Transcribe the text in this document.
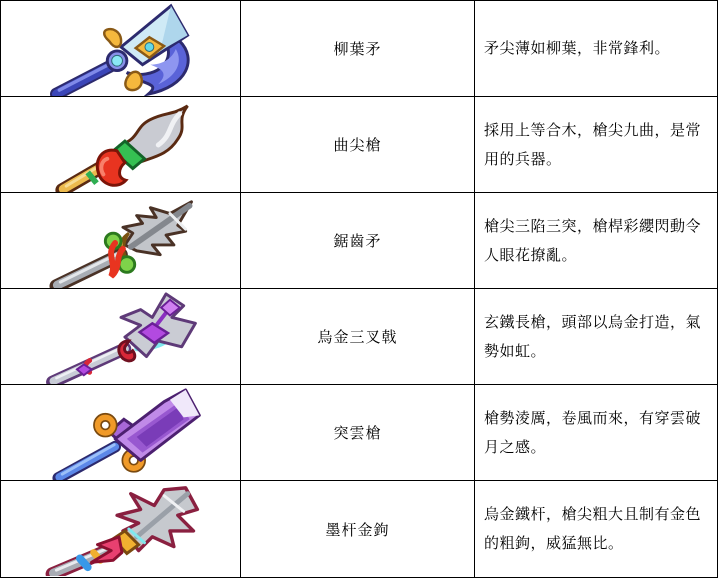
柳葉矛	矛尖薄如柳葉，非常鋒利。
曲尖槍
採用上等合木，槍尖九曲，是常用的兵器。
鋸齒矛
槍尖三陷三突，槍桿彩纓閃動令人眼花撩亂。
烏金三叉戟
玄鐵長槍，頭部以烏金打造，氣勢如虹。
突雲槍
槍勢淩厲，卷風而來，有穿雲破月之感。
墨杆金鉤
烏金鐵杆，槍尖粗大且制有金色的粗鉤，威猛無比。
